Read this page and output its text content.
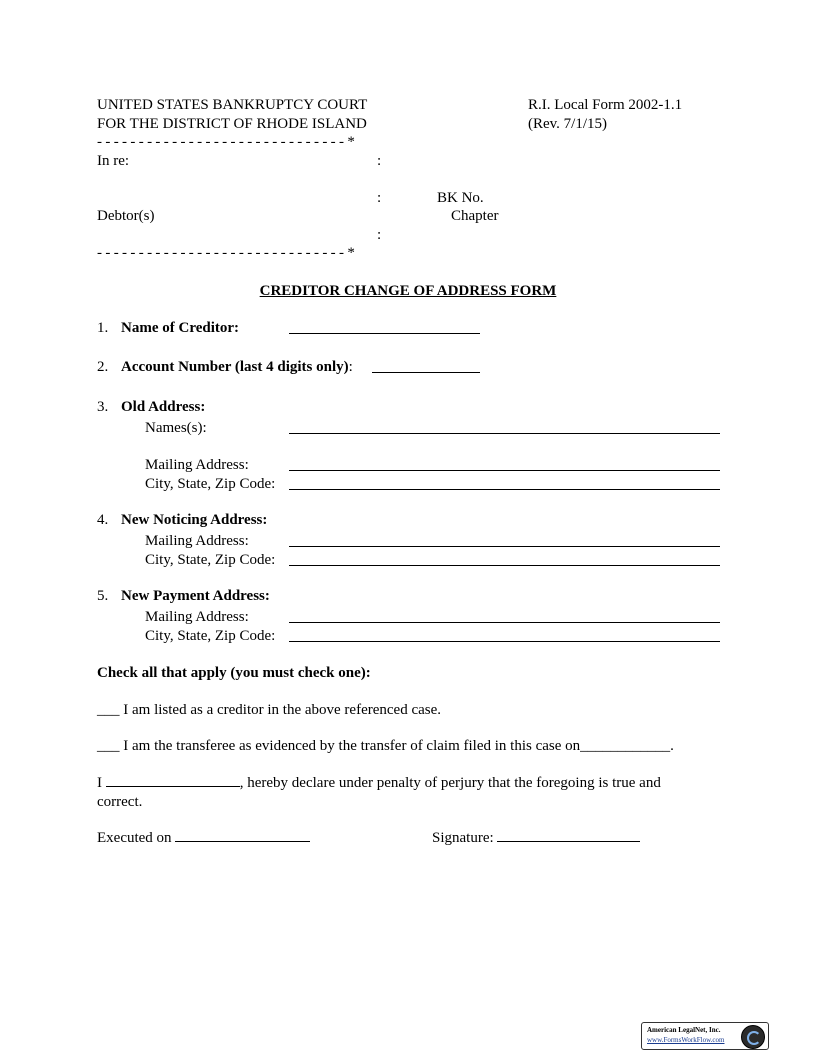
UNITED STATES BANKRUPTCY COURT
FOR THE DISTRICT OF RHODE ISLAND
R.I. Local Form 2002-1.1
(Rev. 7/1/15)
- - - - - - - - - - - - - - - - - - - - - - - - - - - - - - *
In re:	:
:	BK No.
Debtor(s)	Chapter
:
- - - - - - - - - - - - - - - - - - - - - - - - - - - - - - *
CREDITOR CHANGE OF ADDRESS FORM
1. Name of Creditor:
2. Account Number (last 4 digits only):
3. Old Address:
Names(s):
Mailing Address:
City, State, Zip Code:
4. New Noticing Address:
Mailing Address:
City, State, Zip Code:
5. New Payment Address:
Mailing Address:
City, State, Zip Code:
Check all that apply (you must check one):
___ I am listed as a creditor in the above referenced case.
___ I am the transferee as evidenced by the transfer of claim filed in this case on____________.
I	, hereby declare under penalty of perjury that the foregoing is true and
correct.
Executed on	Signature:
American LegalNet, Inc.
www.FormsWorkFlow.com
